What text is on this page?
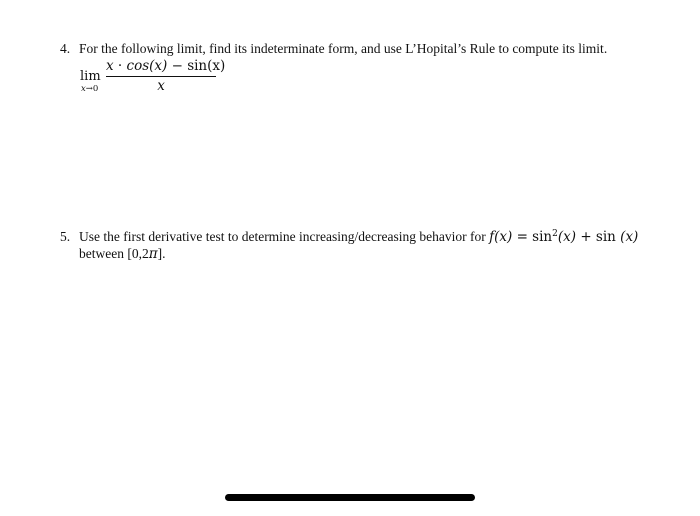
4. For the following limit, find its indeterminate form, and use L’Hopital’s Rule to compute its limit.
lim
x→0
x · cos(x) − sin(x)
x
5. Use the first derivative test to determine increasing/decreasing behavior for $f(x) = \sin^2(x) + \sin (x)$
between [0,2π].
